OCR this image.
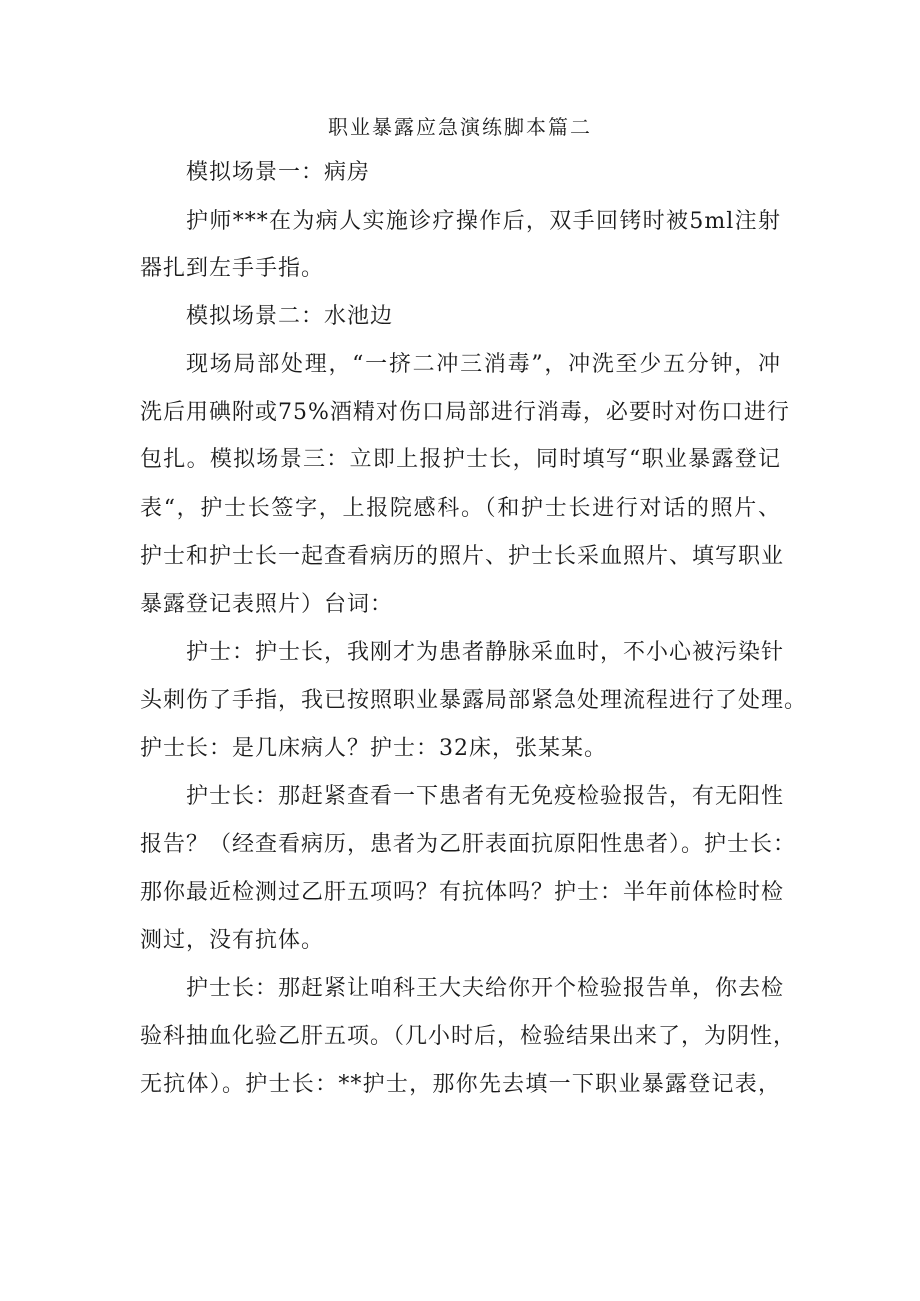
职业暴露应急演练脚本篇二

模拟场景一：病房

护师***在为病人实施诊疗操作后，双手回铐时被5ml注射

器扎到左手手指。

模拟场景二：水池边

现场局部处理，“一挤二冲三消毒”，冲洗至少五分钟，冲

洗后用碘附或75%酒精对伤口局部进行消毒，必要时对伤口进行

包扎。模拟场景三：立即上报护士长，同时填写“职业暴露登记

表“，护士长签字，上报院感科。（和护士长进行对话的照片、

护士和护士长一起查看病历的照片、护士长采血照片、填写职业

暴露登记表照片）台词：

护士：护士长，我刚才为患者静脉采血时，不小心被污染针

头刺伤了手指，我已按照职业暴露局部紧急处理流程进行了处理。

护士长：是几床病人？护士：32床，张某某。

护士长：那赶紧查看一下患者有无免疫检验报告，有无阳性

报告？（经查看病历，患者为乙肝表面抗原阳性患者）。护士长：

那你最近检测过乙肝五项吗？有抗体吗？护士：半年前体检时检

测过，没有抗体。

护士长：那赶紧让咱科王大夫给你开个检验报告单，你去检

验科抽血化验乙肝五项。（几小时后，检验结果出来了，为阴性，

无抗体）。护士长：**护士，那你先去填一下职业暴露登记表，
